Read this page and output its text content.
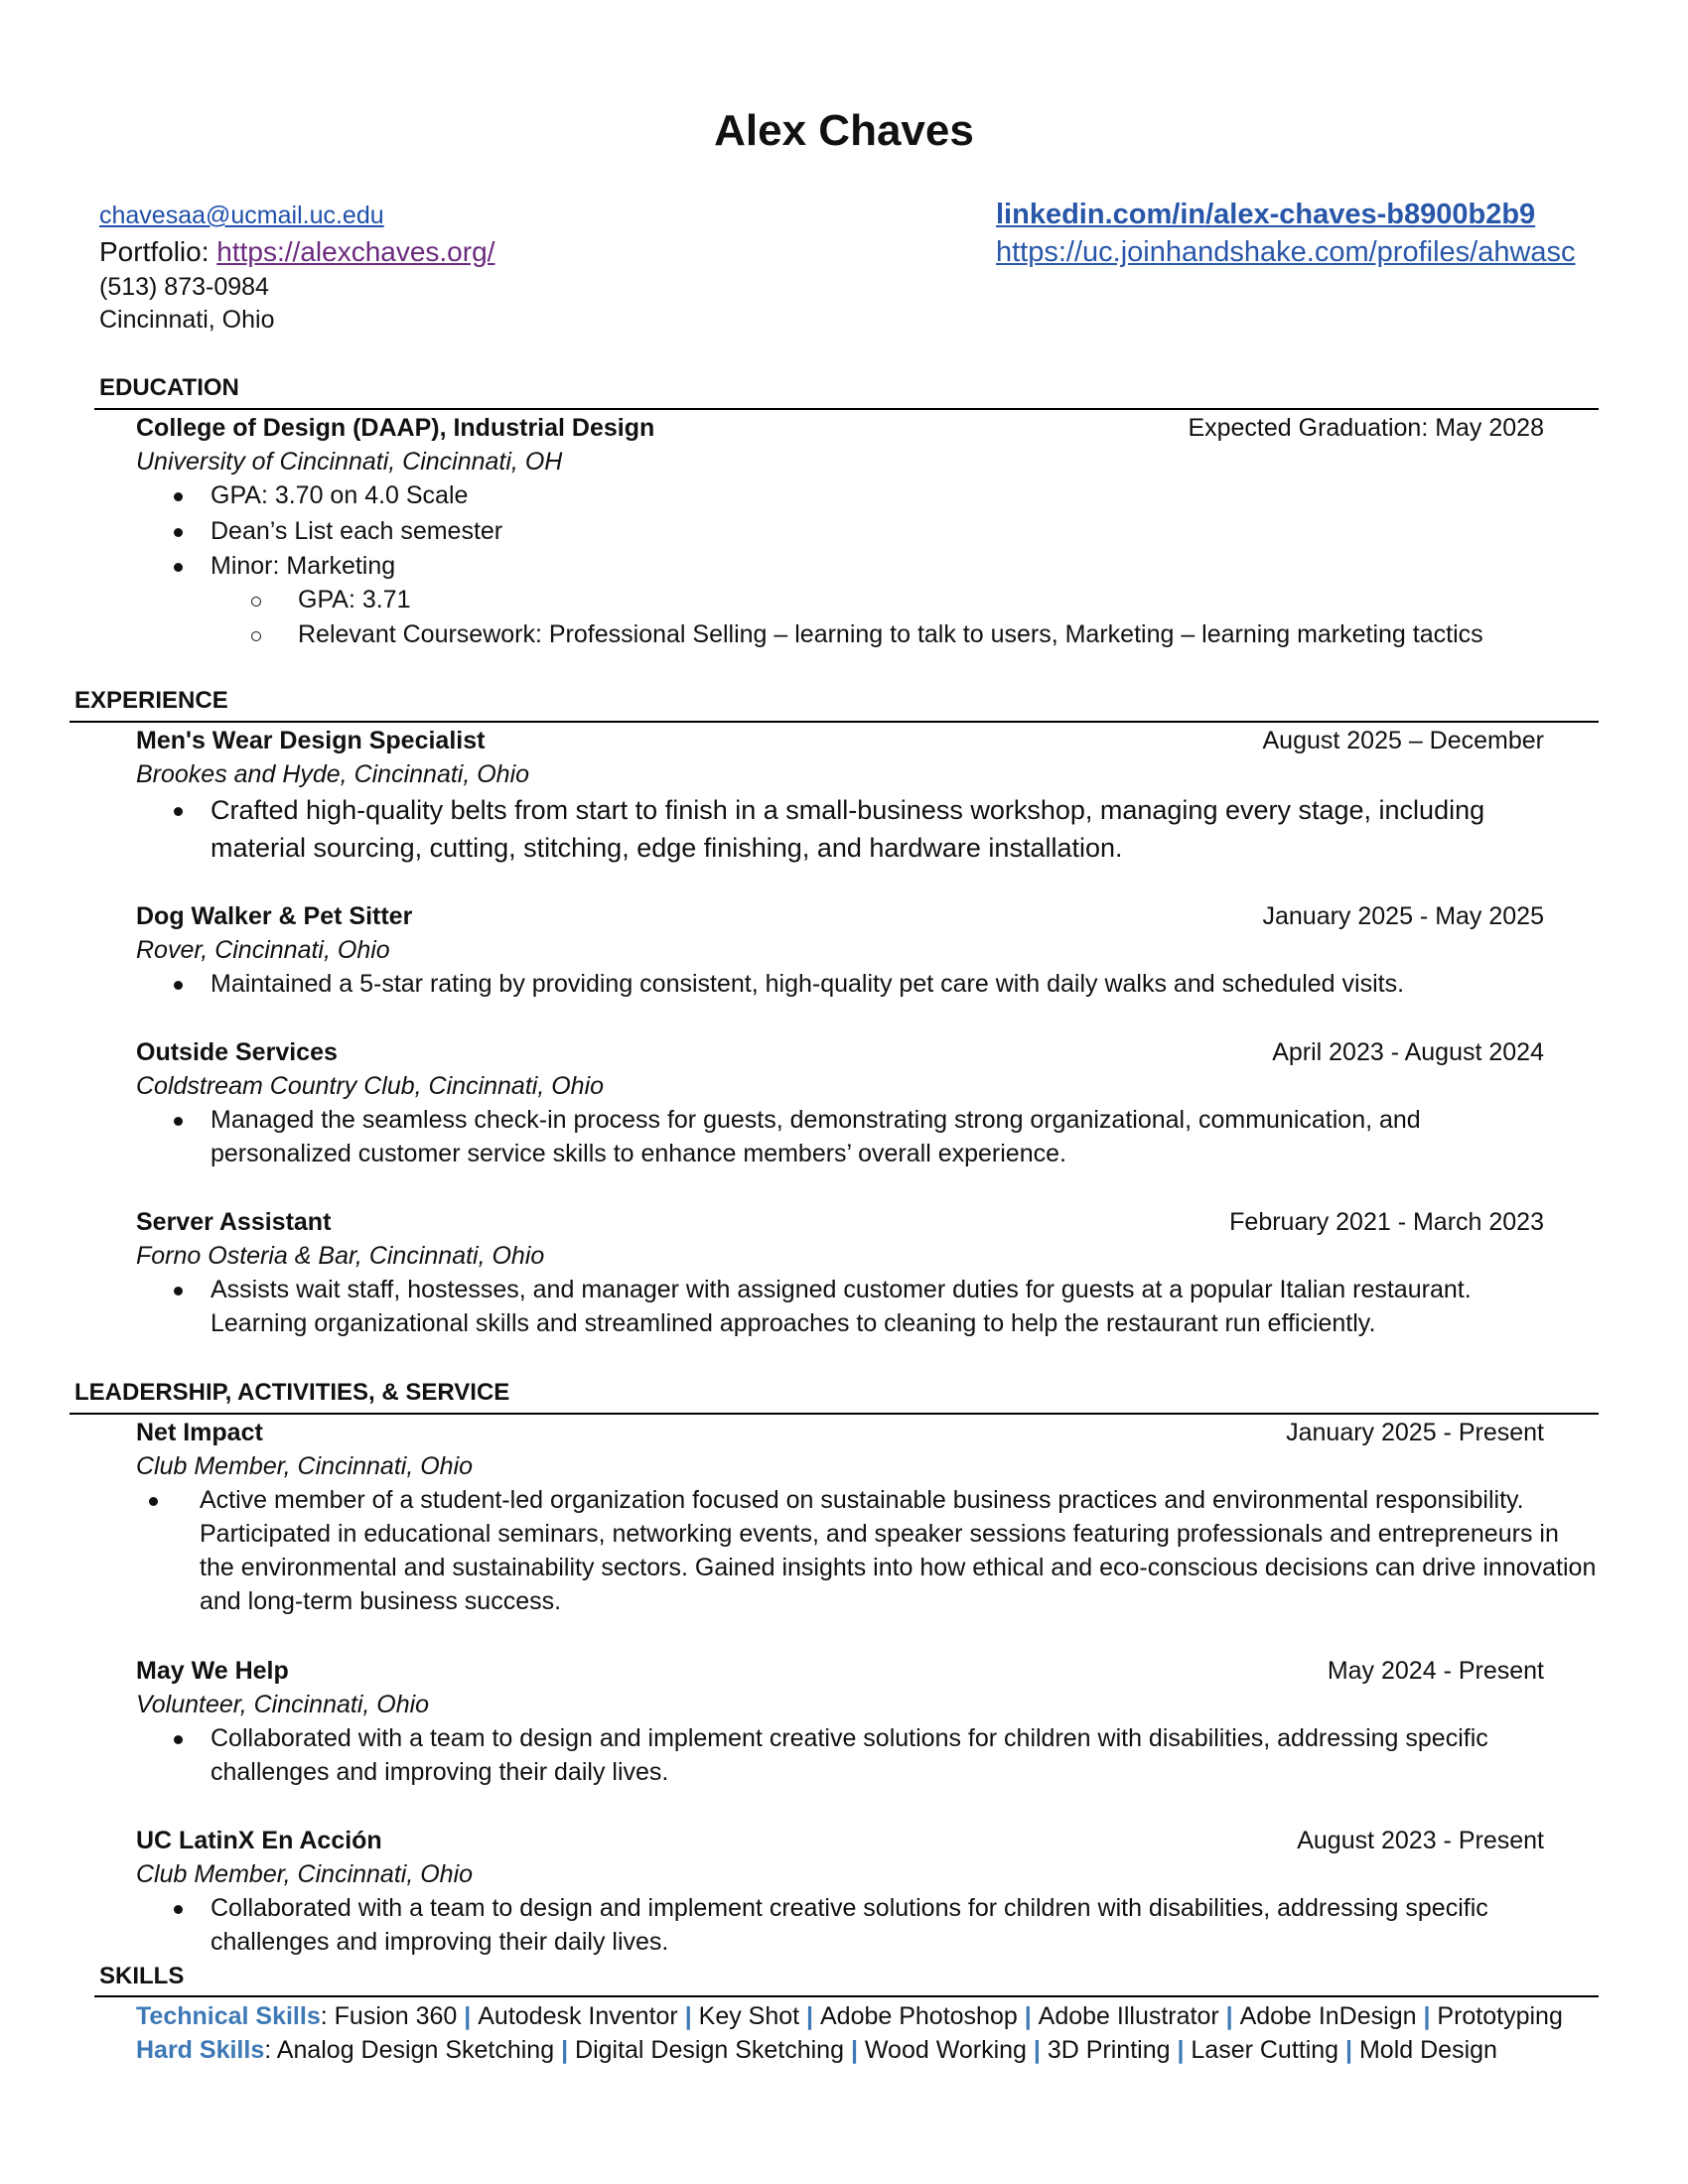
Alex Chaves
chavesaa@ucmail.uc.edu
Portfolio: https://alexchaves.org/
(513) 873-0984
Cincinnati, Ohio
linkedin.com/in/alex-chaves-b8900b2b9
https://uc.joinhandshake.com/profiles/ahwasc
EDUCATION
College of Design (DAAP), Industrial Design	Expected Graduation: May 2028
University of Cincinnati, Cincinnati, OH
GPA: 3.70 on 4.0 Scale
Dean’s List each semester
Minor: Marketing
GPA: 3.71
Relevant Coursework: Professional Selling – learning to talk to users, Marketing – learning marketing tactics
EXPERIENCE
Men's Wear Design Specialist	August 2025 – December
Brookes and Hyde, Cincinnati, Ohio
Crafted high-quality belts from start to finish in a small-business workshop, managing every stage, including material sourcing, cutting, stitching, edge finishing, and hardware installation.
Dog Walker & Pet Sitter	January 2025 - May 2025
Rover, Cincinnati, Ohio
Maintained a 5-star rating by providing consistent, high-quality pet care with daily walks and scheduled visits.
Outside Services	April 2023 - August 2024
Coldstream Country Club, Cincinnati, Ohio
Managed the seamless check-in process for guests, demonstrating strong organizational, communication, and personalized customer service skills to enhance members’ overall experience.
Server Assistant	February 2021 - March 2023
Forno Osteria & Bar, Cincinnati, Ohio
Assists wait staff, hostesses, and manager with assigned customer duties for guests at a popular Italian restaurant. Learning organizational skills and streamlined approaches to cleaning to help the restaurant run efficiently.
LEADERSHIP, ACTIVITIES, & SERVICE
Net Impact	January 2025 - Present
Club Member, Cincinnati, Ohio
Active member of a student-led organization focused on sustainable business practices and environmental responsibility. Participated in educational seminars, networking events, and speaker sessions featuring professionals and entrepreneurs in the environmental and sustainability sectors. Gained insights into how ethical and eco-conscious decisions can drive innovation and long-term business success.
May We Help	May 2024 - Present
Volunteer, Cincinnati, Ohio
Collaborated with a team to design and implement creative solutions for children with disabilities, addressing specific challenges and improving their daily lives.
UC LatinX En Acción	August 2023 - Present
Club Member, Cincinnati, Ohio
Collaborated with a team to design and implement creative solutions for children with disabilities, addressing specific challenges and improving their daily lives.
SKILLS
Technical Skills: Fusion 360 | Autodesk Inventor | Key Shot | Adobe Photoshop | Adobe Illustrator | Adobe InDesign | Prototyping
Hard Skills: Analog Design Sketching | Digital Design Sketching | Wood Working | 3D Printing | Laser Cutting | Mold Design
